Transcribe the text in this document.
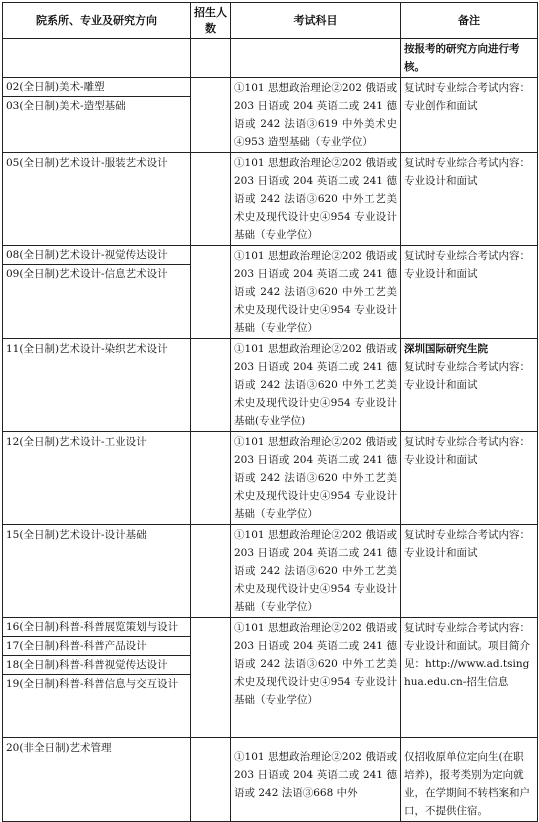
院系所、专业及研究方向	招生人数	考试科目	备注
			按报考的研究方向进行考核。

02(全日制)美术-雕塑
03(全日制)美术-造型基础		①101 思想政治理论②202 俄语或 203 日语或 204 英语二或 241 德语或 242 法语③619 中外美术史④953 造型基础（专业学位）	复试时专业综合考试内容：专业创作和面试
05(全日制)艺术设计-服装艺术设计		①101 思想政治理论②202 俄语或 203 日语或 204 英语二或 241 德语或 242 法语③620 中外工艺美术史及现代设计史④954 专业设计基础（专业学位）	复试时专业综合考试内容：专业设计和面试

08(全日制)艺术设计-视觉传达设计
09(全日制)艺术设计-信息艺术设计		①101 思想政治理论②202 俄语或 203 日语或 204 英语二或 241 德语或 242 法语③620 中外工艺美术史及现代设计史④954 专业设计基础（专业学位）	复试时专业综合考试内容：专业设计和面试
11(全日制)艺术设计-染织艺术设计		①101 思想政治理论②202 俄语或 203 日语或 204 英语二或 241 德语或 242 法语③620 中外工艺美术史及现代设计史④954 专业设计基础(专业学位)	深圳国际研究生院
复试时专业综合考试内容：专业设计和面试
12(全日制)艺术设计-工业设计		①101 思想政治理论②202 俄语或 203 日语或 204 英语二或 241 德语或 242 法语③620 中外工艺美术史及现代设计史④954 专业设计基础（专业学位）	复试时专业综合考试内容：专业设计和面试
15(全日制)艺术设计-设计基础		①101 思想政治理论②202 俄语或 203 日语或 204 英语二或 241 德语或 242 法语③620 中外工艺美术史及现代设计史④954 专业设计基础（专业学位）	复试时专业综合考试内容：专业设计和面试

16(全日制)科普-科普展览策划与设计
17(全日制)科普-科普产品设计
18(全日制)科普-科普视觉传达设计
19(全日制)科普-科普信息与交互设计		①101 思想政治理论②202 俄语或 203 日语或 204 英语二或 241 德语或 242 法语③620 中外工艺美术史及现代设计史④954 专业设计基础（专业学位）	复试时专业综合考试内容：专业设计和面试。项目简介见：http://www.ad.tsinghua.edu.cn-招生信息
20(非全日制)艺术管理		①101 思想政治理论②202 俄语或 203 日语或 204 英语二或 241 德语或 242 法语③668 中外	仅招收原单位定向生(在职培养)，报考类别为定向就业，在学期间不转档案和户口，不提供住宿。
